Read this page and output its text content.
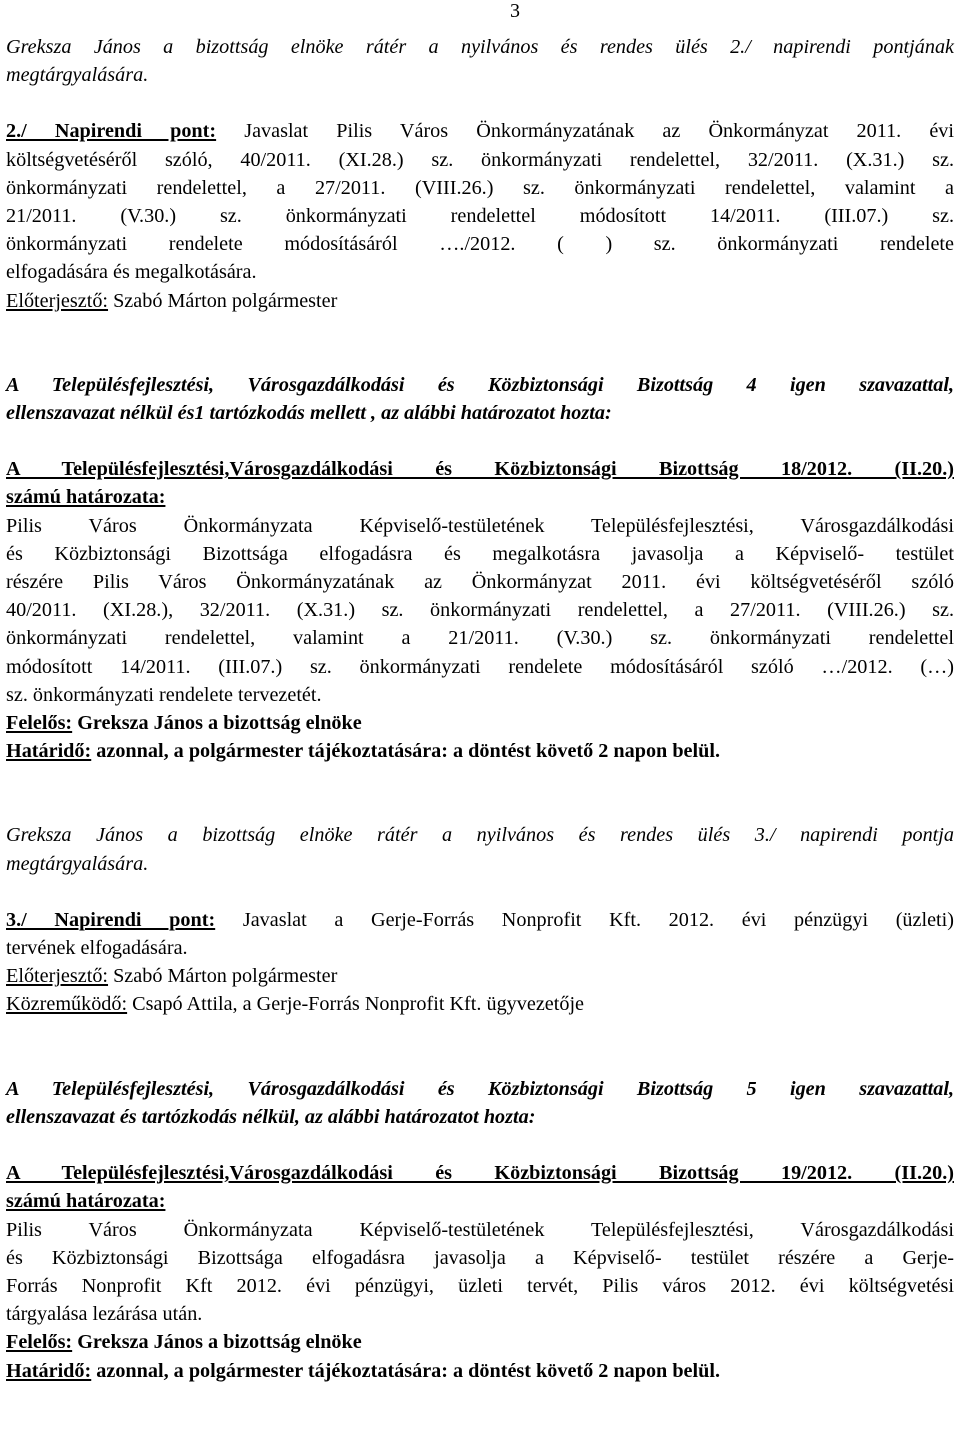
3

Greksza János a bizottság elnöke rátér a nyilvános és rendes ülés 2./ napirendi pontjának

megtárgyalására.

2./ Napirendi pont: Javaslat Pilis Város Önkormányzatának az Önkormányzat 2011. évi

költségvetéséről szóló, 40/2011. (XI.28.) sz. önkormányzati rendelettel, 32/2011. (X.31.) sz.

önkormányzati rendelettel, a 27/2011. (VIII.26.) sz. önkormányzati rendelettel, valamint a

21/2011. (V.30.) sz. önkormányzati rendelettel módosított 14/2011. (III.07.) sz.

önkormányzati rendelete módosításáról …./2012. ( ) sz. önkormányzati rendelete

elfogadására és megalkotására.

Előterjesztő: Szabó Márton polgármester

A Településfejlesztési, Városgazdálkodási és Közbiztonsági Bizottság 4 igen szavazattal,

ellenszavazat nélkül és1 tartózkodás mellett , az alábbi határozatot hozta:

A Településfejlesztési,Városgazdálkodási és Közbiztonsági Bizottság 18/2012. (II.20.)

számú határozata:

Pilis Város Önkormányzata Képviselő-testületének Településfejlesztési, Városgazdálkodási

és Közbiztonsági Bizottsága elfogadásra és megalkotásra javasolja a Képviselő- testület

részére Pilis Város Önkormányzatának az Önkormányzat 2011. évi költségvetéséről szóló

40/2011. (XI.28.), 32/2011. (X.31.) sz. önkormányzati rendelettel, a 27/2011. (VIII.26.) sz.

önkormányzati rendelettel, valamint a 21/2011. (V.30.) sz. önkormányzati rendelettel

módosított 14/2011. (III.07.) sz. önkormányzati rendelete módosításáról szóló …/2012. (…)

sz. önkormányzati rendelete tervezetét.

Felelős: Greksza János a bizottság elnöke

Határidő: azonnal, a polgármester tájékoztatására: a döntést követő 2 napon belül.

Greksza János a bizottság elnöke rátér a nyilvános és rendes ülés 3./ napirendi pontja

megtárgyalására.

3./ Napirendi pont: Javaslat a Gerje-Forrás Nonprofit Kft. 2012. évi pénzügyi (üzleti)

tervének elfogadására.

Előterjesztő: Szabó Márton polgármester

Közreműködő: Csapó Attila, a Gerje-Forrás Nonprofit Kft. ügyvezetője

A Településfejlesztési, Városgazdálkodási és Közbiztonsági Bizottság 5 igen szavazattal,

ellenszavazat és tartózkodás nélkül, az alábbi határozatot hozta:

A Településfejlesztési,Városgazdálkodási és Közbiztonsági Bizottság 19/2012. (II.20.)

számú határozata:

Pilis Város Önkormányzata Képviselő-testületének Településfejlesztési, Városgazdálkodási

és Közbiztonsági Bizottsága elfogadásra javasolja a Képviselő- testület részére a Gerje-

Forrás Nonprofit Kft 2012. évi pénzügyi, üzleti tervét, Pilis város 2012. évi költségvetési

tárgyalása lezárása után.

Felelős: Greksza János a bizottság elnöke

Határidő: azonnal, a polgármester tájékoztatására: a döntést követő 2 napon belül.
